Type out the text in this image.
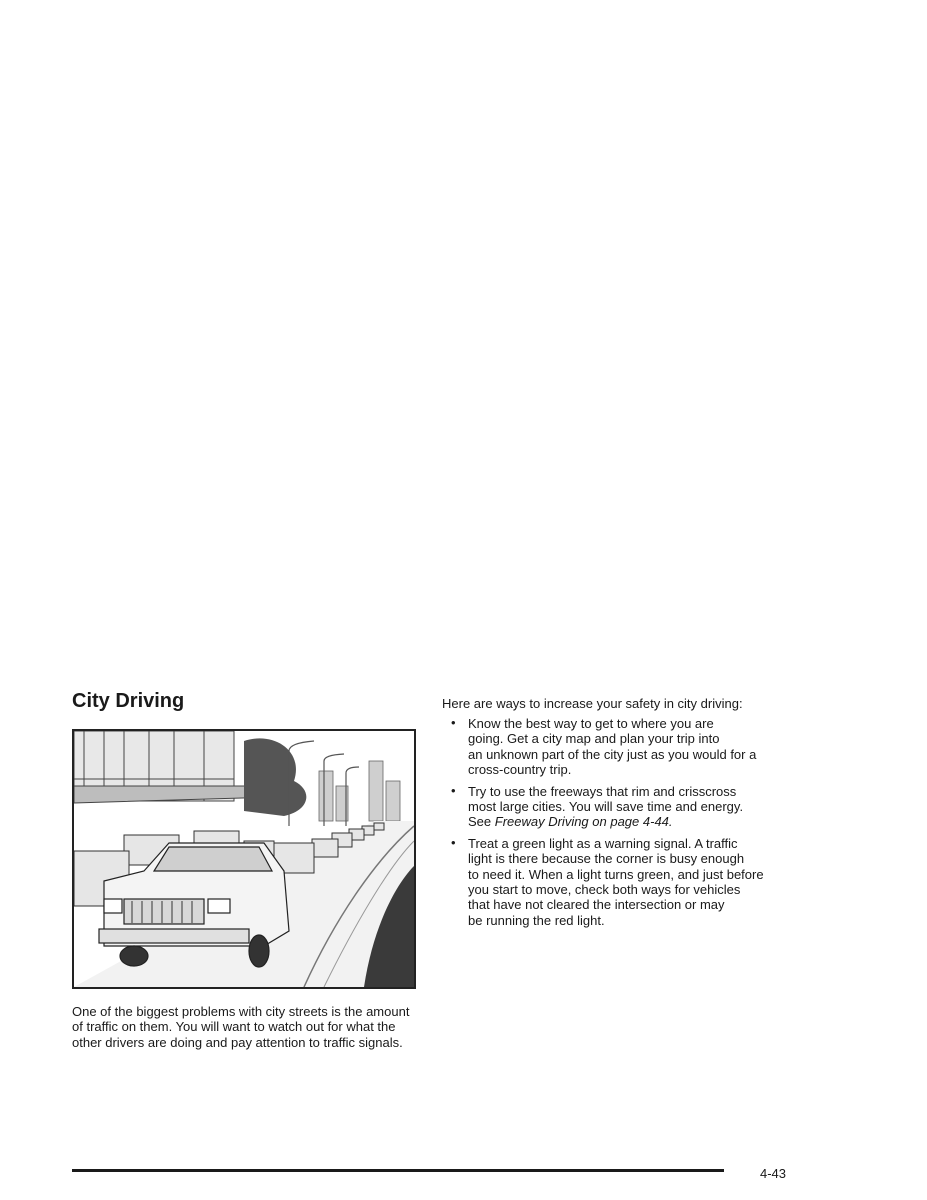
City Driving

One of the biggest problems with city streets is the amount of traffic on them. You will want to watch out for what the other drivers are doing and pay attention to traffic signals.

Here are ways to increase your safety in city driving:

• Know the best way to get to where you are
going. Get a city map and plan your trip into
an unknown part of the city just as you would for a
cross-country trip.
• Try to use the freeways that rim and crisscross
most large cities. You will save time and energy.
See Freeway Driving on page 4-44.
• Treat a green light as a warning signal. A traffic
light is there because the corner is busy enough
to need it. When a light turns green, and just before
you start to move, check both ways for vehicles
that have not cleared the intersection or may
be running the red light.
4-43
